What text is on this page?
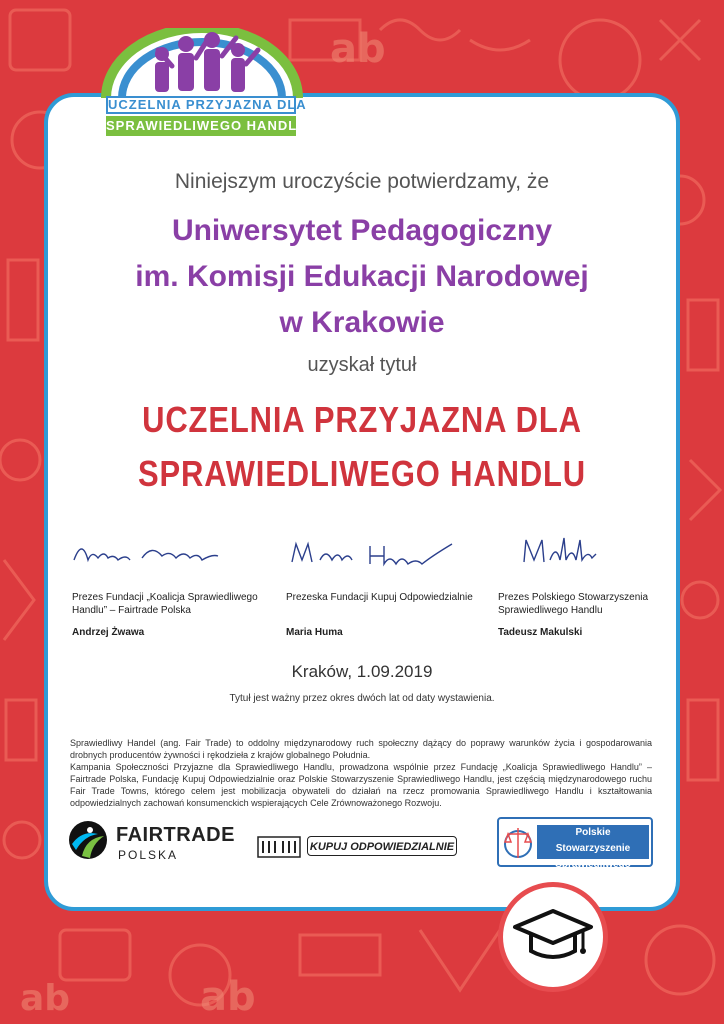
ab
ab
ab
UCZELNIA PRZYJAZNA DLA
SPRAWIEDLIWEGO HANDLU
Niniejszym uroczyście potwierdzamy, że
Uniwersytet Pedagogiczny
im. Komisji Edukacji Narodowej
w Krakowie
uzyskał tytuł
UCZELNIA PRZYJAZNA DLA
SPRAWIEDLIWEGO HANDLU
Prezes Fundacji „Koalicja Sprawiedliwego Handlu” – Fairtrade Polska
Andrzej Żwawa
Prezeska Fundacji Kupuj Odpowiedzialnie
Maria Huma
Prezes Polskiego Stowarzyszenia Sprawiedliwego Handlu
Tadeusz Makulski
Kraków, 1.09.2019
Tytuł jest ważny przez okres dwóch lat od daty wystawienia.

Sprawiedliwy Handel (ang. Fair Trade) to oddolny międzynarodowy ruch społeczny dążący do poprawy warunków życia i gospodarowania drobnych producentów żywności i rękodzieła z krajów globalnego Południa.

Kampania Społeczności Przyjazne dla Sprawiedliwego Handlu, prowadzona wspólnie przez Fundację „Koalicja Sprawiedliwego Handlu” – Fairtrade Polska, Fundację Kupuj Odpowiedzialnie oraz Polskie Stowarzyszenie Sprawiedliwego Handlu, jest częścią międzynarodowego ruchu Fair Trade Towns, którego celem jest mobilizacja obywateli do działań na rzecz promowania Sprawiedliwego Handlu i kształtowania odpowiedzialnych zachowań konsumenckich wspierających Cele Zrównoważonego Rozwoju.

FAIRTRADE
POLSKA
KUPUJ ODPOWIEDZIALNIE
Polskie Stowarzyszenie
Sprawiedliwego Handlu
